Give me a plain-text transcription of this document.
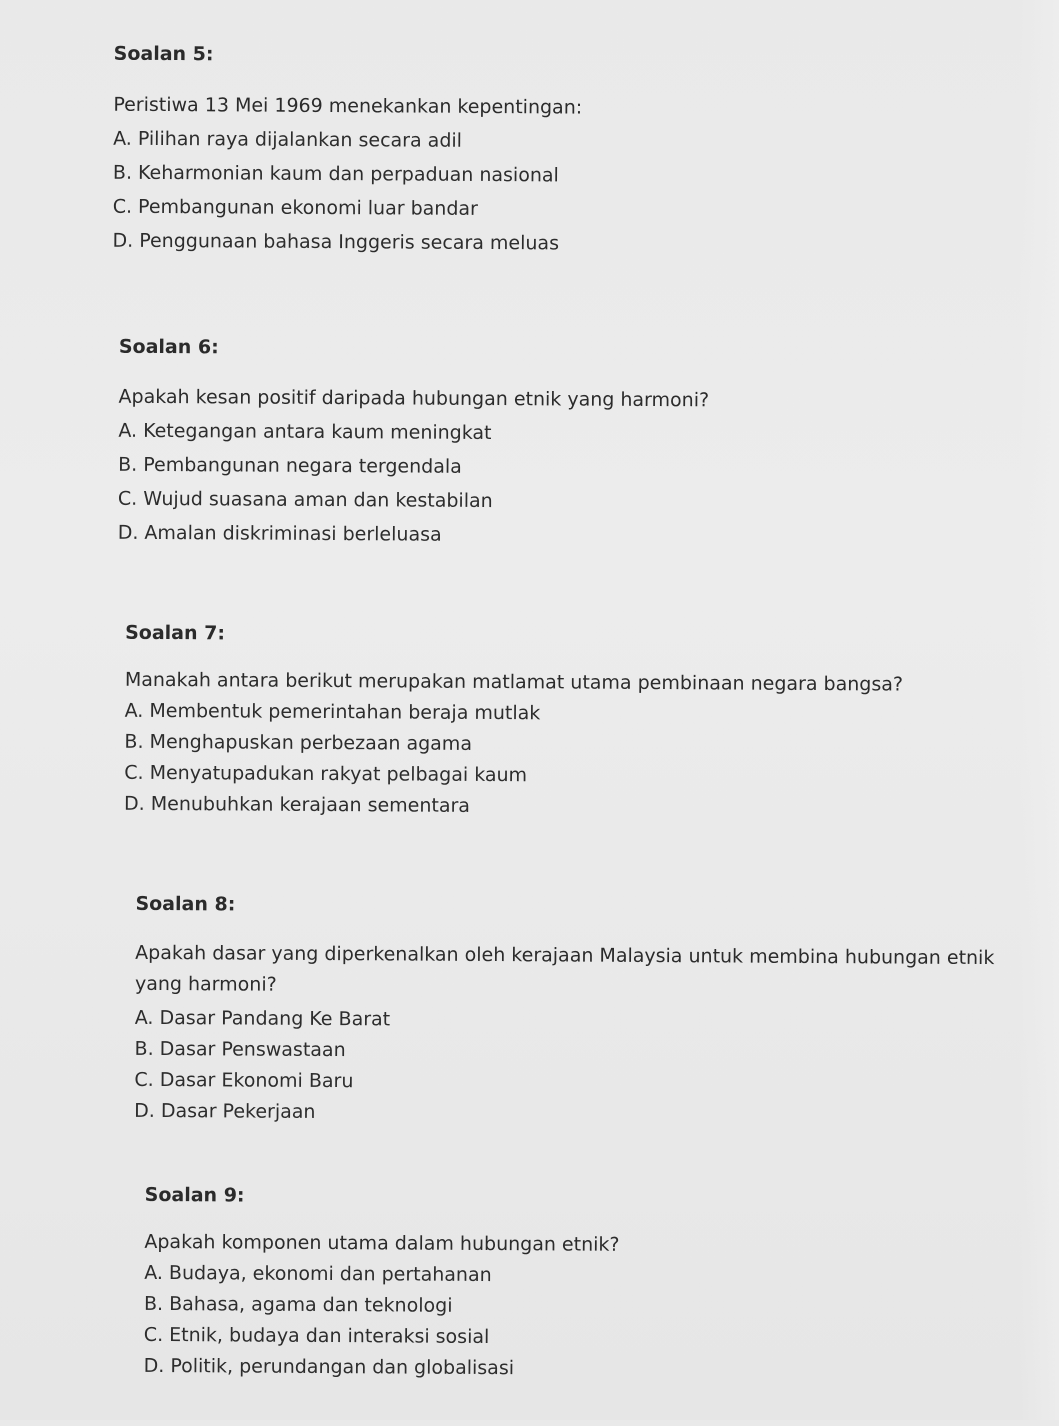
Soalan 5:
Peristiwa 13 Mei 1969 menekankan kepentingan:
A. Pilihan raya dijalankan secara adil
B. Keharmonian kaum dan perpaduan nasional
C. Pembangunan ekonomi luar bandar
D. Penggunaan bahasa Inggeris secara meluas
Soalan 6:
Apakah kesan positif daripada hubungan etnik yang harmoni?
A. Ketegangan antara kaum meningkat
B. Pembangunan negara tergendala
C. Wujud suasana aman dan kestabilan
D. Amalan diskriminasi berleluasa
Soalan 7:
Manakah antara berikut merupakan matlamat utama pembinaan negara bangsa?
A. Membentuk pemerintahan beraja mutlak
B. Menghapuskan perbezaan agama
C. Menyatupadukan rakyat pelbagai kaum
D. Menubuhkan kerajaan sementara
Soalan 8:
Apakah dasar yang diperkenalkan oleh kerajaan Malaysia untuk membina hubungan etnik yang harmoni?
A. Dasar Pandang Ke Barat
B. Dasar Penswastaan
C. Dasar Ekonomi Baru
D. Dasar Pekerjaan
Soalan 9:
Apakah komponen utama dalam hubungan etnik?
A. Budaya, ekonomi dan pertahanan
B. Bahasa, agama dan teknologi
C. Etnik, budaya dan interaksi sosial
D. Politik, perundangan dan globalisasi
